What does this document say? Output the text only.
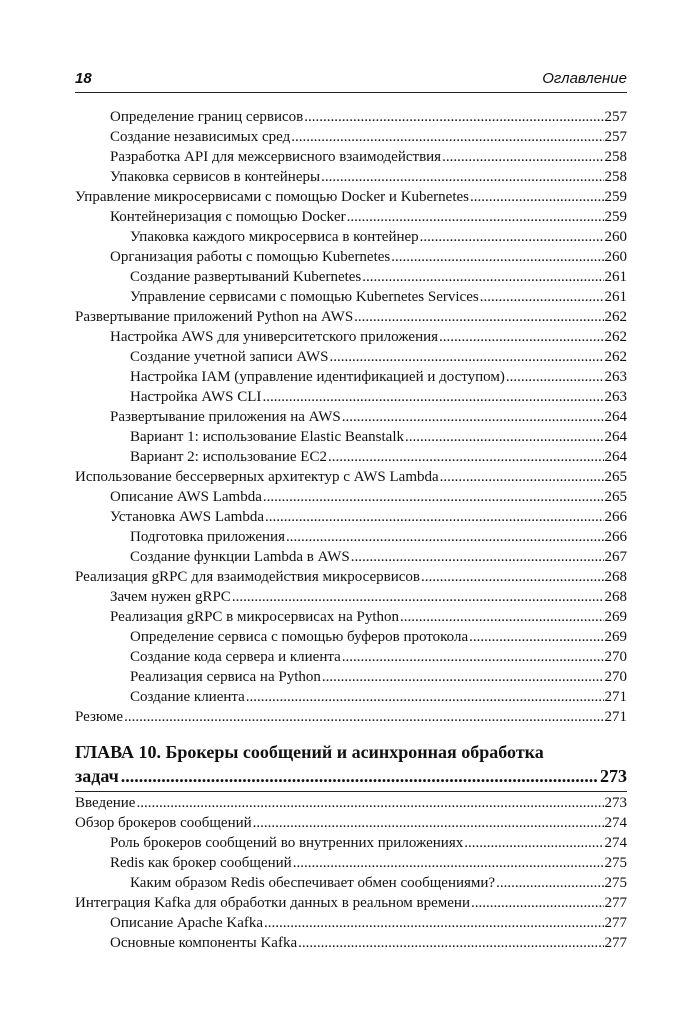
18	Оглавление
Определение границ сервисов .....	257
Создание независимых сред .....	257
Разработка API для межсервисного взаимодействия .....	258
Упаковка сервисов в контейнеры .....	258
Управление микросервисами с помощью Docker и Kubernetes .....	259
Контейнеризация с помощью Docker .....	259
Упаковка каждого микросервиса в контейнер .....	260
Организация работы с помощью Kubernetes .....	260
Создание развертываний Kubernetes .....	261
Управление сервисами с помощью Kubernetes Services .....	261
Развертывание приложений Python на AWS .....	262
Настройка AWS для университетского приложения .....	262
Создание учетной записи AWS .....	262
Настройка IAM (управление идентификацией и доступом) .....	263
Настройка AWS CLI .....	263
Развертывание приложения на AWS .....	264
Вариант 1: использование Elastic Beanstalk .....	264
Вариант 2: использование EC2 .....	264
Использование бессерверных архитектур с AWS Lambda .....	265
Описание AWS Lambda .....	265
Установка AWS Lambda .....	266
Подготовка приложения .....	266
Создание функции Lambda в AWS .....	267
Реализация gRPC для взаимодействия микросервисов .....	268
Зачем нужен gRPC .....	268
Реализация gRPC в микросервисах на Python .....	269
Определение сервиса с помощью буферов протокола .....	269
Создание кода сервера и клиента .....	270
Реализация сервиса на Python .....	270
Создание клиента .....	271
Резюме .....	271
ГЛАВА 10. Брокеры сообщений и асинхронная обработка
задач .....	273
Введение .....	273
Обзор брокеров сообщений .....	274
Роль брокеров сообщений во внутренних приложениях .....	274
Redis как брокер сообщений .....	275
Каким образом Redis обеспечивает обмен сообщениями? .....	275
Интеграция Kafka для обработки данных в реальном времени .....	277
Описание Apache Kafka .....	277
Основные компоненты Kafka .....	277
